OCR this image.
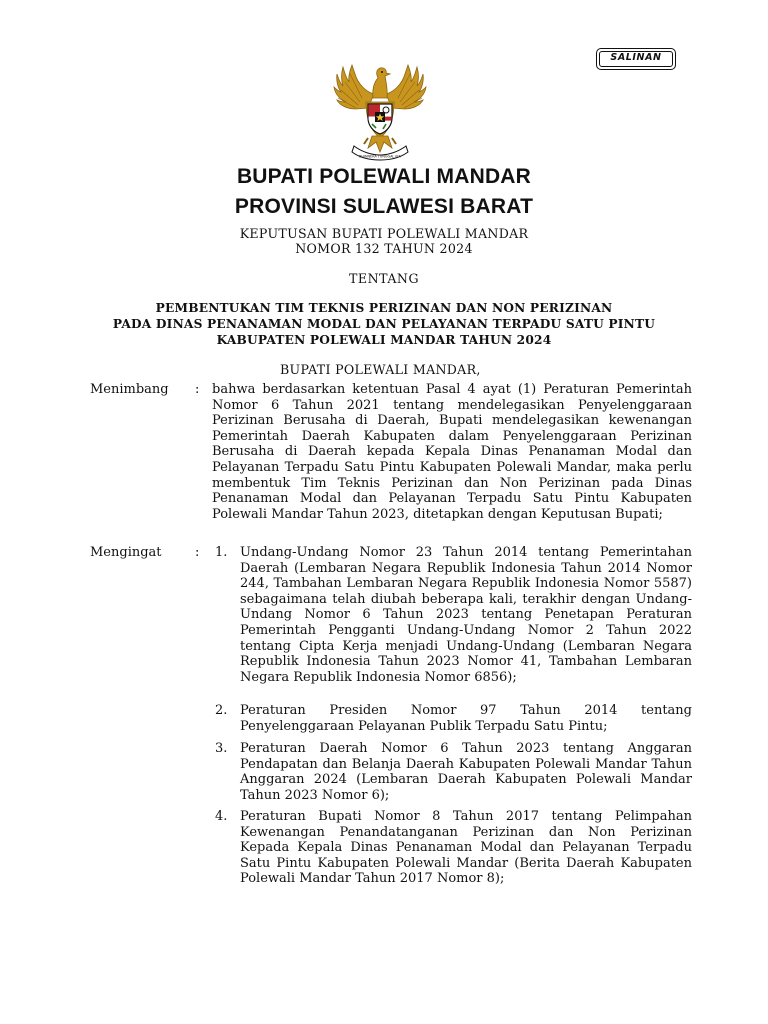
SALINAN
BHINNEKA TUNGGAL IKA
BUPATI POLEWALI MANDAR
PROVINSI SULAWESI BARAT
KEPUTUSAN BUPATI POLEWALI MANDAR
NOMOR 132 TAHUN 2024
TENTANG
PEMBENTUKAN TIM TEKNIS PERIZINAN DAN NON PERIZINAN
PADA DINAS PENANAMAN MODAL DAN PELAYANAN TERPADU SATU PINTU
KABUPATEN POLEWALI MANDAR TAHUN 2024
BUPATI POLEWALI MANDAR,
Menimbang : bahwa berdasarkan ketentuan Pasal 4 ayat (1) Peraturan Pemerintah Nomor 6 Tahun 2021 tentang mendelegasikan Penyelenggaraan Perizinan Berusaha di Daerah, Bupati mendelegasikan kewenangan Pemerintah Daerah Kabupaten dalam Penyelenggaraan Perizinan Berusaha di Daerah kepada Kepala Dinas Penanaman Modal dan Pelayanan Terpadu Satu Pintu Kabupaten Polewali Mandar, maka perlu membentuk Tim Teknis Perizinan dan Non Perizinan pada Dinas Penanaman Modal dan Pelayanan Terpadu Satu Pintu Kabupaten Polewali Mandar Tahun 2023, ditetapkan dengan Keputusan Bupati;

Mengingat	: 1. Undang-Undang Nomor 23 Tahun 2014 tentang Pemerintahan Daerah (Lembaran Negara Republik Indonesia Tahun 2014 Nomor 244, Tambahan Lembaran Negara Republik Indonesia Nomor 5587) sebagaimana telah diubah beberapa kali, terakhir dengan Undang-Undang Nomor 6 Tahun 2023 tentang Penetapan Peraturan Pemerintah Pengganti Undang-Undang Nomor 2 Tahun 2022 tentang Cipta Kerja menjadi Undang-Undang (Lembaran Negara Republik Indonesia Tahun 2023 Nomor 41, Tambahan Lembaran Negara Republik Indonesia Nomor 6856);

2. Peraturan Presiden Nomor 97 Tahun 2014 tentang Penyelenggaraan Pelayanan Publik Terpadu Satu Pintu;

3. Peraturan Daerah Nomor 6 Tahun 2023 tentang Anggaran Pendapatan dan Belanja Daerah Kabupaten Polewali Mandar Tahun Anggaran 2024 (Lembaran Daerah Kabupaten Polewali Mandar Tahun 2023 Nomor 6);

4. Peraturan Bupati Nomor 8 Tahun 2017 tentang Pelimpahan Kewenangan Penandatanganan Perizinan dan Non Perizinan Kepada Kepala Dinas Penanaman Modal dan Pelayanan Terpadu Satu Pintu Kabupaten Polewali Mandar (Berita Daerah Kabupaten Polewali Mandar Tahun 2017 Nomor 8);
